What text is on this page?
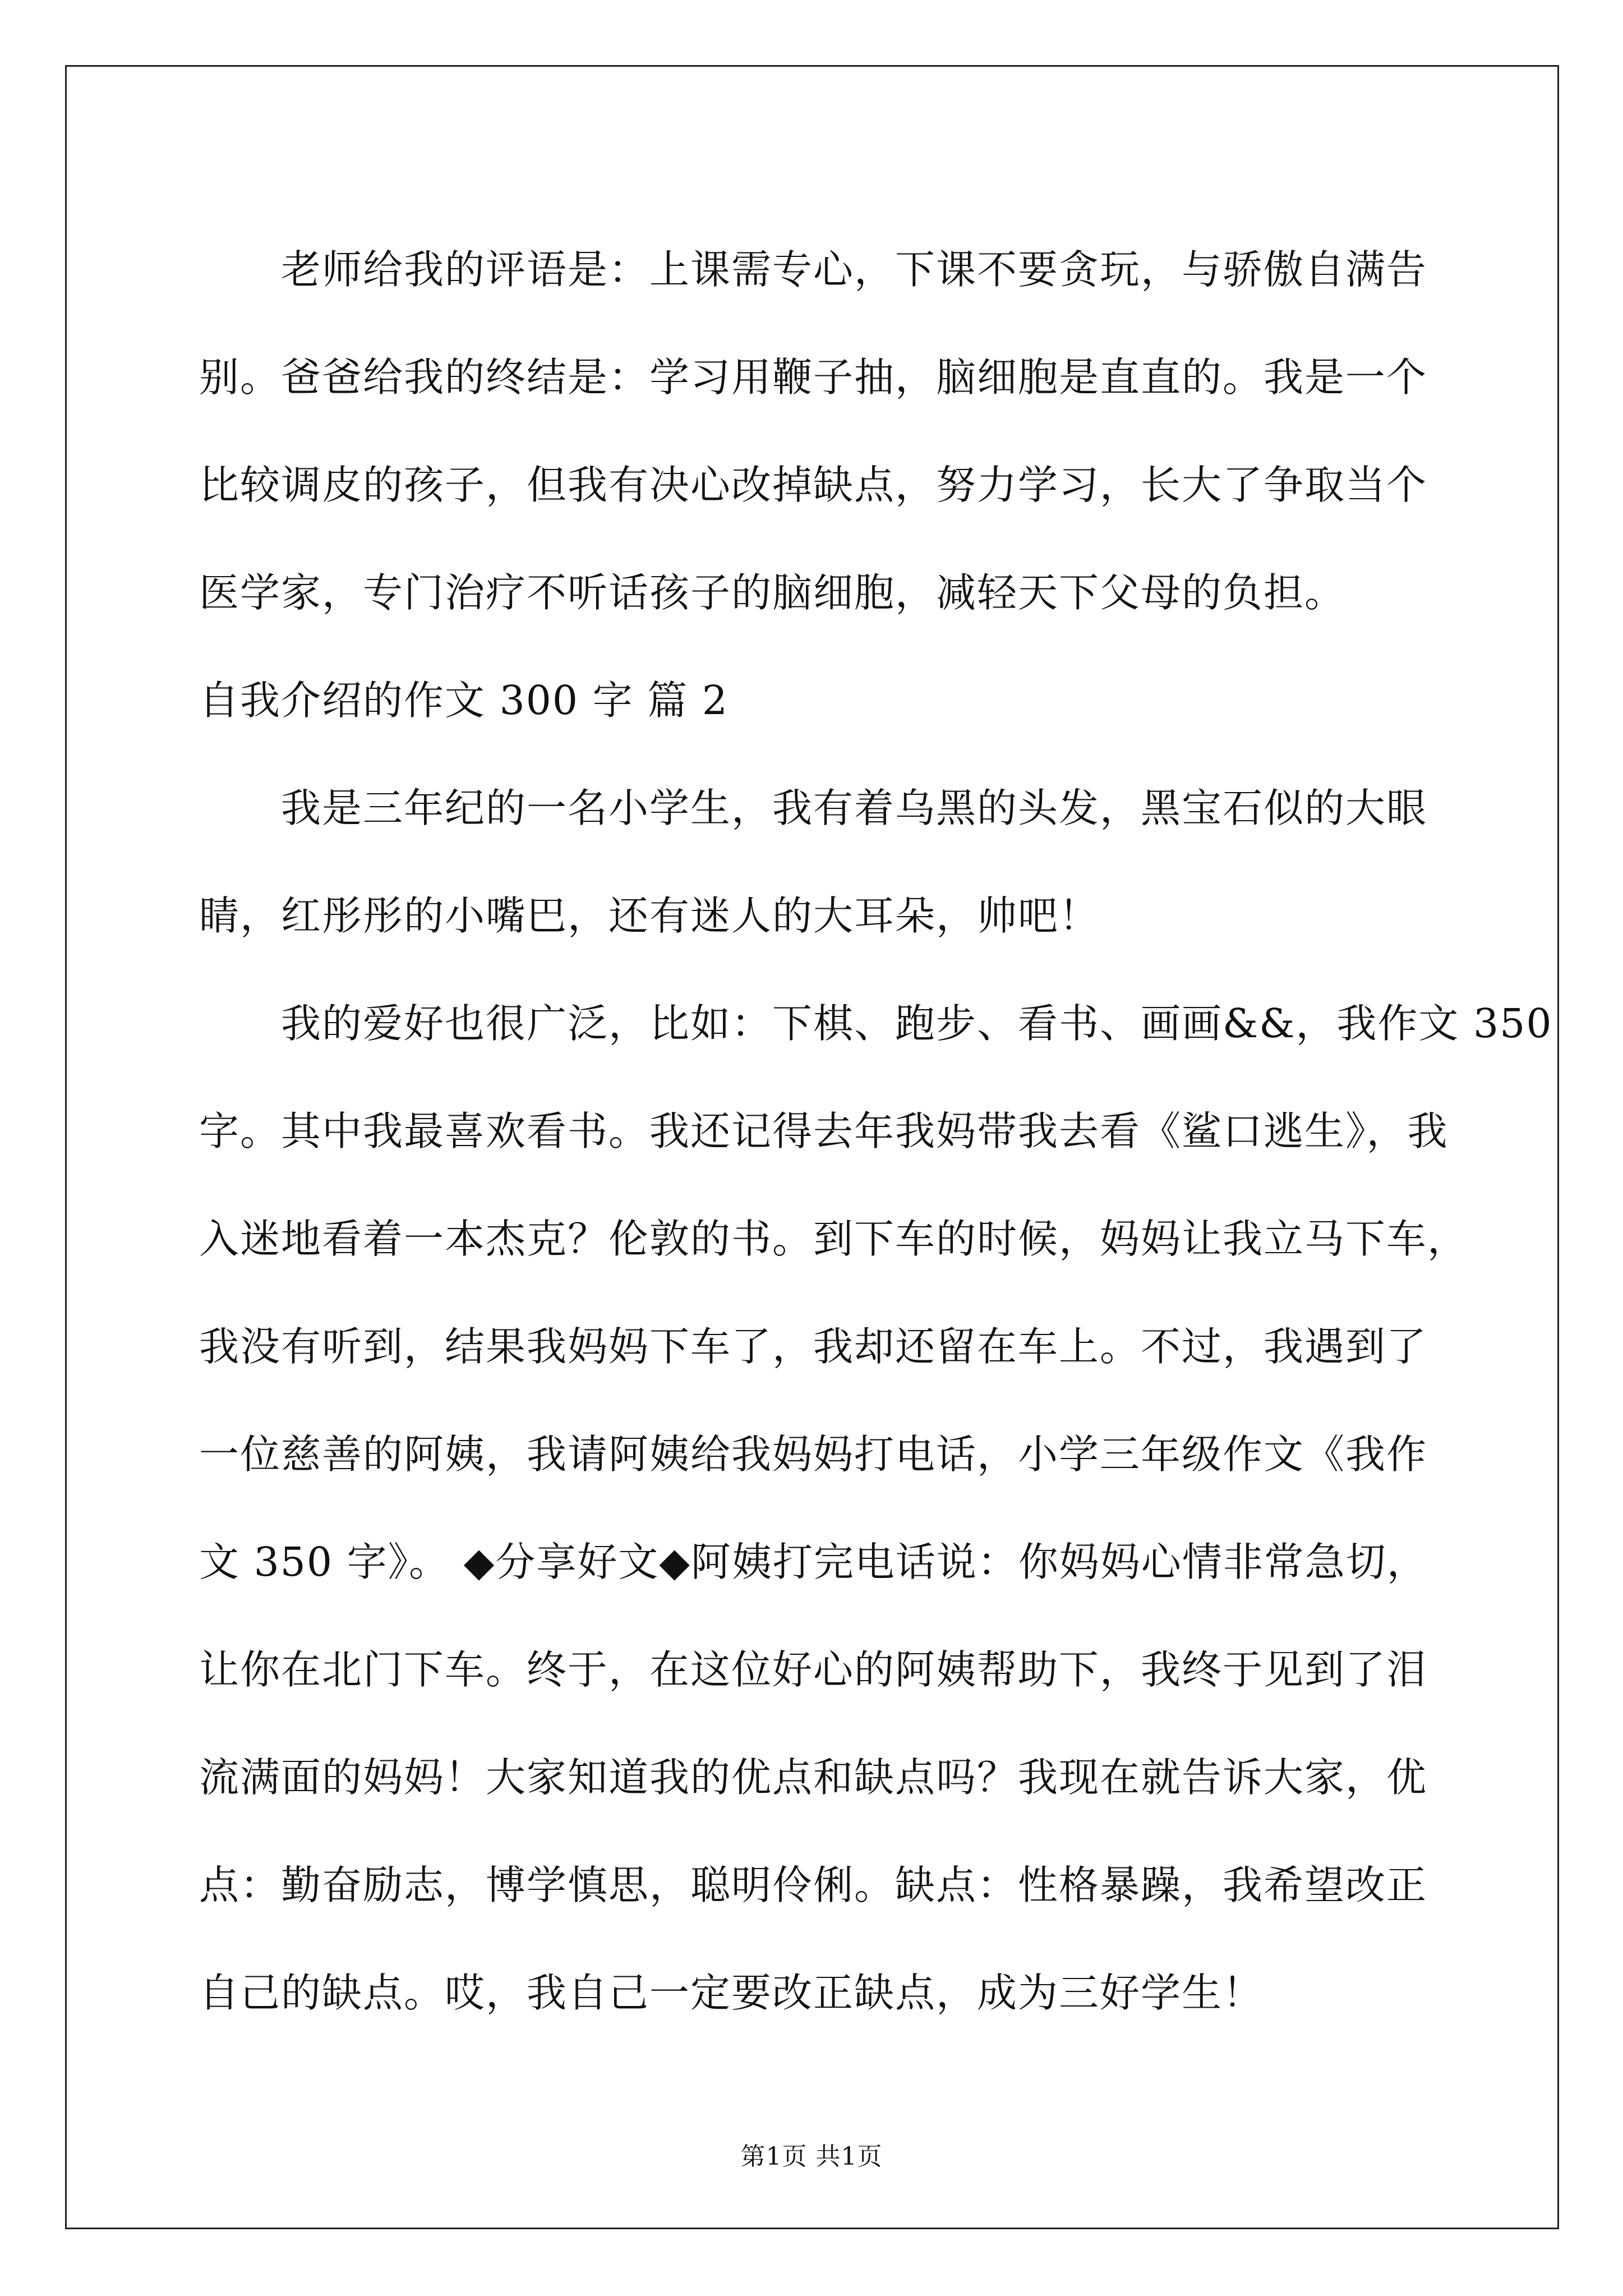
老师给我的评语是：上课需专心，下课不要贪玩，与骄傲自满告
别。爸爸给我的终结是：学习用鞭子抽，脑细胞是直直的。我是一个
比较调皮的孩子，但我有决心改掉缺点，努力学习，长大了争取当个
医学家，专门治疗不听话孩子的脑细胞，减轻天下父母的负担。
自我介绍的作文 300 字 篇 2
我是三年纪的一名小学生，我有着乌黑的头发，黑宝石似的大眼
睛，红彤彤的小嘴巴，还有迷人的大耳朵，帅吧！
我的爱好也很广泛，比如：下棋、跑步、看书、画画&&，我作文 350
字。其中我最喜欢看书。我还记得去年我妈带我去看《鲨口逃生》，我
入迷地看着一本杰克？伦敦的书。到下车的时候，妈妈让我立马下车，
我没有听到，结果我妈妈下车了，我却还留在车上。不过，我遇到了
一位慈善的阿姨，我请阿姨给我妈妈打电话，小学三年级作文《我作
文 350 字》。 ◆分享好文◆阿姨打完电话说：你妈妈心情非常急切，
让你在北门下车。终于，在这位好心的阿姨帮助下，我终于见到了泪
流满面的妈妈！大家知道我的优点和缺点吗？我现在就告诉大家，优
点：勤奋励志，博学慎思，聪明伶俐。缺点：性格暴躁，我希望改正
自己的缺点。哎，我自己一定要改正缺点，成为三好学生！
第1页 共1页
